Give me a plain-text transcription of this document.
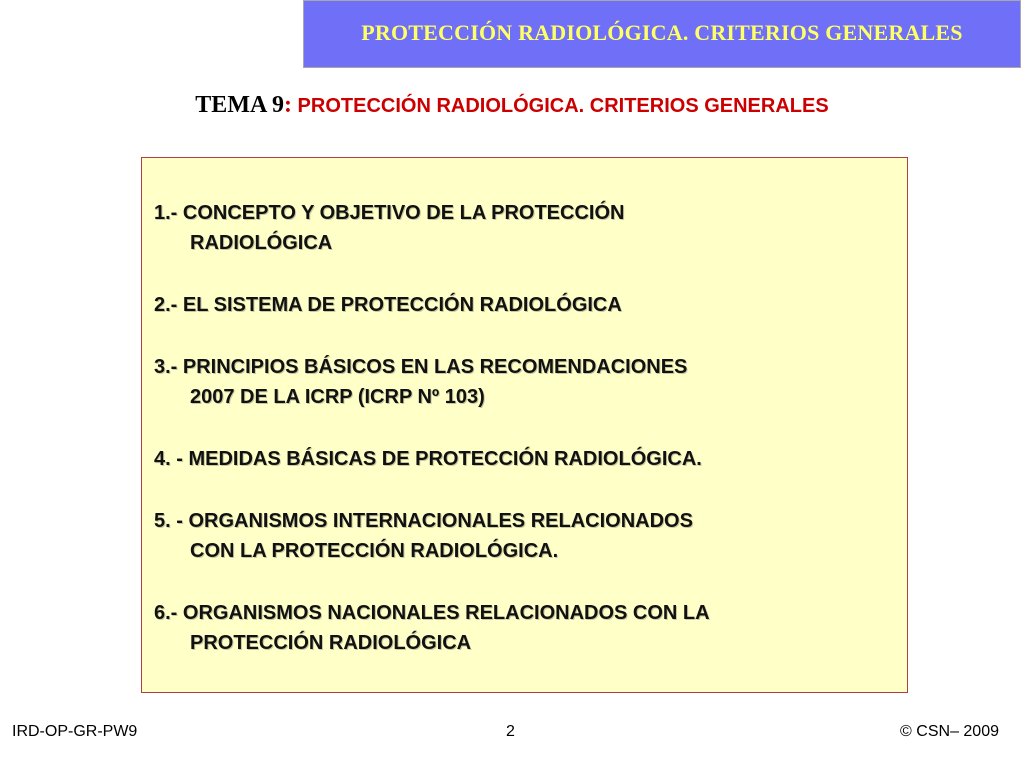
PROTECCIÓN RADIOLÓGICA. CRITERIOS GENERALES
TEMA 9: PROTECCIÓN RADIOLÓGICA. CRITERIOS GENERALES
1.- CONCEPTO Y OBJETIVO DE LA PROTECCIÓN
RADIOLÓGICA
2.- EL SISTEMA DE PROTECCIÓN RADIOLÓGICA
3.- PRINCIPIOS BÁSICOS EN LAS RECOMENDACIONES
2007 DE LA ICRP (ICRP Nº 103)
4. - MEDIDAS BÁSICAS DE PROTECCIÓN RADIOLÓGICA.
5. - ORGANISMOS INTERNACIONALES RELACIONADOS
CON LA PROTECCIÓN RADIOLÓGICA.
6.- ORGANISMOS NACIONALES RELACIONADOS CON LA
PROTECCIÓN RADIOLÓGICA
IRD-OP-GR-PW9	2	© CSN– 2009
